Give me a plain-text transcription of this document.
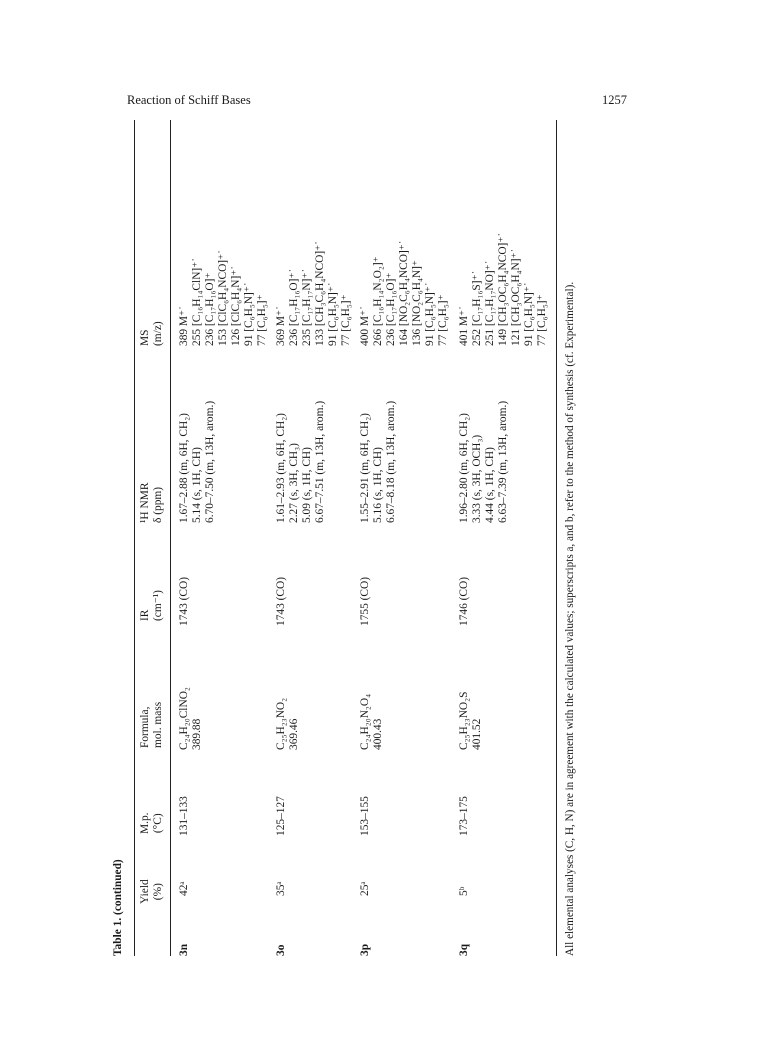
Reaction of Schiff Bases	1257
Table 1. (continued) Yield (%)
M.p. (°C)
Formula, mol. mass
IR (cm⁻¹)
¹H NMR δ (ppm)
MS (m/z)
3n
42ᵃ
131–133
C₂₄H₂₀ClNO₂ 389.88
1743 (CO)
1.67–2.88 (m, 6H, CH₂) 5.14 (s, 1H, CH) 6.70–7.50 (m, 13H, arom.)
389 M⁺˙ 255 [C₁₆H₁₄ClN]⁺˙ 236 [C₁₇H₁₆O]⁺ 153 [ClC₆H₄NCO]⁺˙ 126 [ClC₆H₄N]⁺˙ 91 [C₆H₅N]⁺˙ 77 [C₆H₅]⁺
3o
35ᵃ
125–127
C₂₅H₂₃NO₂ 369.46
1743 (CO)
1.61–2.93 (m, 6H, CH₂) 2.27 (s, 3H, CH₃) 5.09 (s, 1H, CH) 6.67–7.51 (m, 13H, arom.)
369 M⁺˙ 236 [C₁₇H₁₆O]⁺˙ 235 [C₁₇H₁₇N]⁺˙ 133 [CH₃C₆H₄NCO]⁺˙ 91 [C₆H₅N]⁺˙ 77 [C₆H₅]⁺
3p
25ᵃ
153–155
C₂₄H₂₀N₂O₄ 400.43
1755 (CO)
1.55–2.91 (m, 6H, CH₂) 5.16 (s, 1H, CH) 6.67–8.18 (m, 13H, arom.)
400 M⁺˙ 266 [C₁₆H₁₄N₂O₂]⁺ 236 [C₁₇H₁₆O]⁺ 164 [NO₂C₆H₄NCO]⁺˙ 136 [NO₂C₆H₄N]⁺ 91 [C₆H₅N]⁺˙ 77 [C₆H₅]⁺
3q
5ᵇ
173–175
C₂₅H₂₃NO₂S 401.52
1746 (CO)
1.96–2.80 (m, 6H, CH₂) 3.33 (s, 3H, OCH₃) 4.44 (s, 1H, CH) 6.63–7.39 (m, 13H, arom.)
401 M⁺˙ 252 [C₁₇H₁₆S]⁺˙ 251 [C₁₇H₁₇NO]⁺˙ 149 [CH₃OC₆H₄NCO]⁺˙ 121 [CH₃OC₆H₄N]⁺˙ 91 [C₆H₅N]⁺˙ 77 [C₆H₅]⁺ All elemental analyses (C, H, N) are in agreement with the calculated values; superscripts a, and b, refer to the method of synthesis (cf. Experimental).
